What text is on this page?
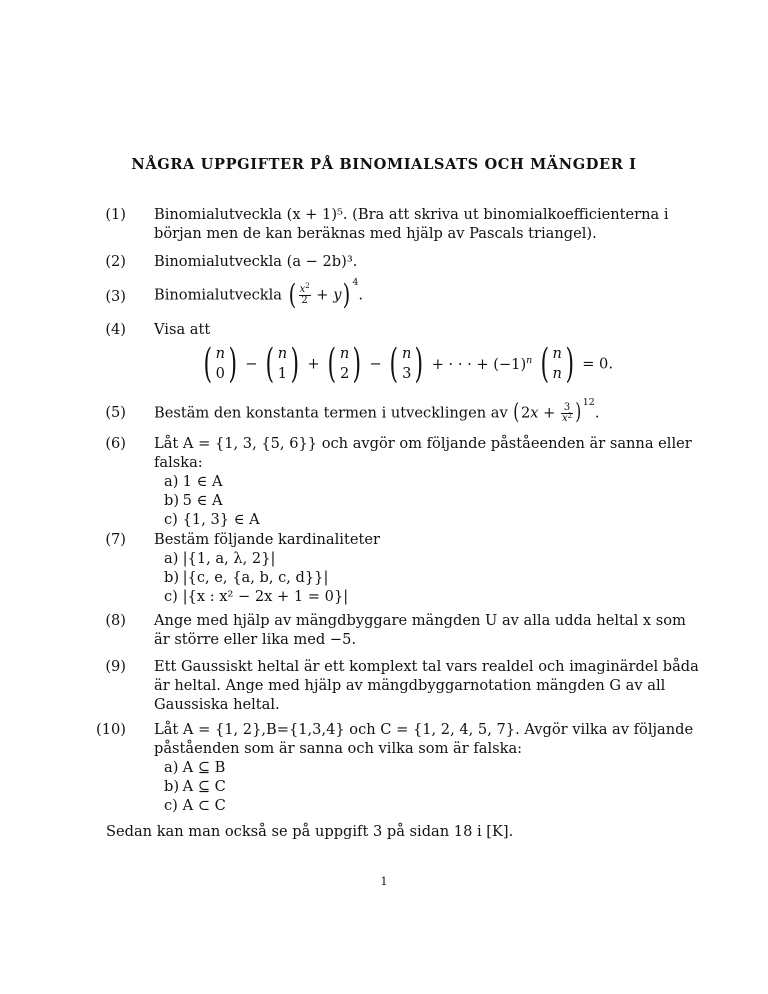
NÅGRA UPPGIFTER PÅ BINOMIALSATS OCH MÄNGDER I
(1) Binomialutveckla (x + 1)⁵. (Bra att skriva ut binomialkoefficienterna i
början men de kan beräknas med hjälp av Pascals triangel).
(2) Binomialutveckla (a − 2b)³.
(3) Binomialutveckla ( $\frac{x^2}{2} + y$) $^4$.
(4) Visa att
( n
0 ) − ( n
1 ) + ( n
2 ) − ( n
3 ) + · · · + $(-1)^n$ ( n
n ) = 0.
(5) Bestäm den konstanta termen i utvecklingen av $(2x + \frac{3}{x^2} )^{12}$.
(6) Låt A = {1, 3, {5, 6}} och avgör om följande påståeenden är sanna eller
falska:
a) 1 ∈ A
b) 5 ∈ A
c) {1, 3} ∈ A
(7) Bestäm följande kardinaliteter
a) |{1, a, λ, 2}|
b) |{c, e, {a, b, c, d}}|
c) |{x : x² − 2x + 1 = 0}|
(8) Ange med hjälp av mängdbyggare mängden U av alla udda heltal x som
är större eller lika med −5.
(9) Ett Gaussiskt heltal är ett komplext tal vars realdel och imaginärdel båda
är heltal. Ange med hjälp av mängdbyggarnotation mängden G av all
Gaussiska heltal.
(10) Låt A = {1, 2},B={1,3,4} och C = {1, 2, 4, 5, 7}. Avgör vilka av följande
påståenden som är sanna och vilka som är falska:
a) A ⊆ B
b) A ⊆ C
c) A ⊂ C
Sedan kan man också se på uppgift 3 på sidan 18 i [K].
1
